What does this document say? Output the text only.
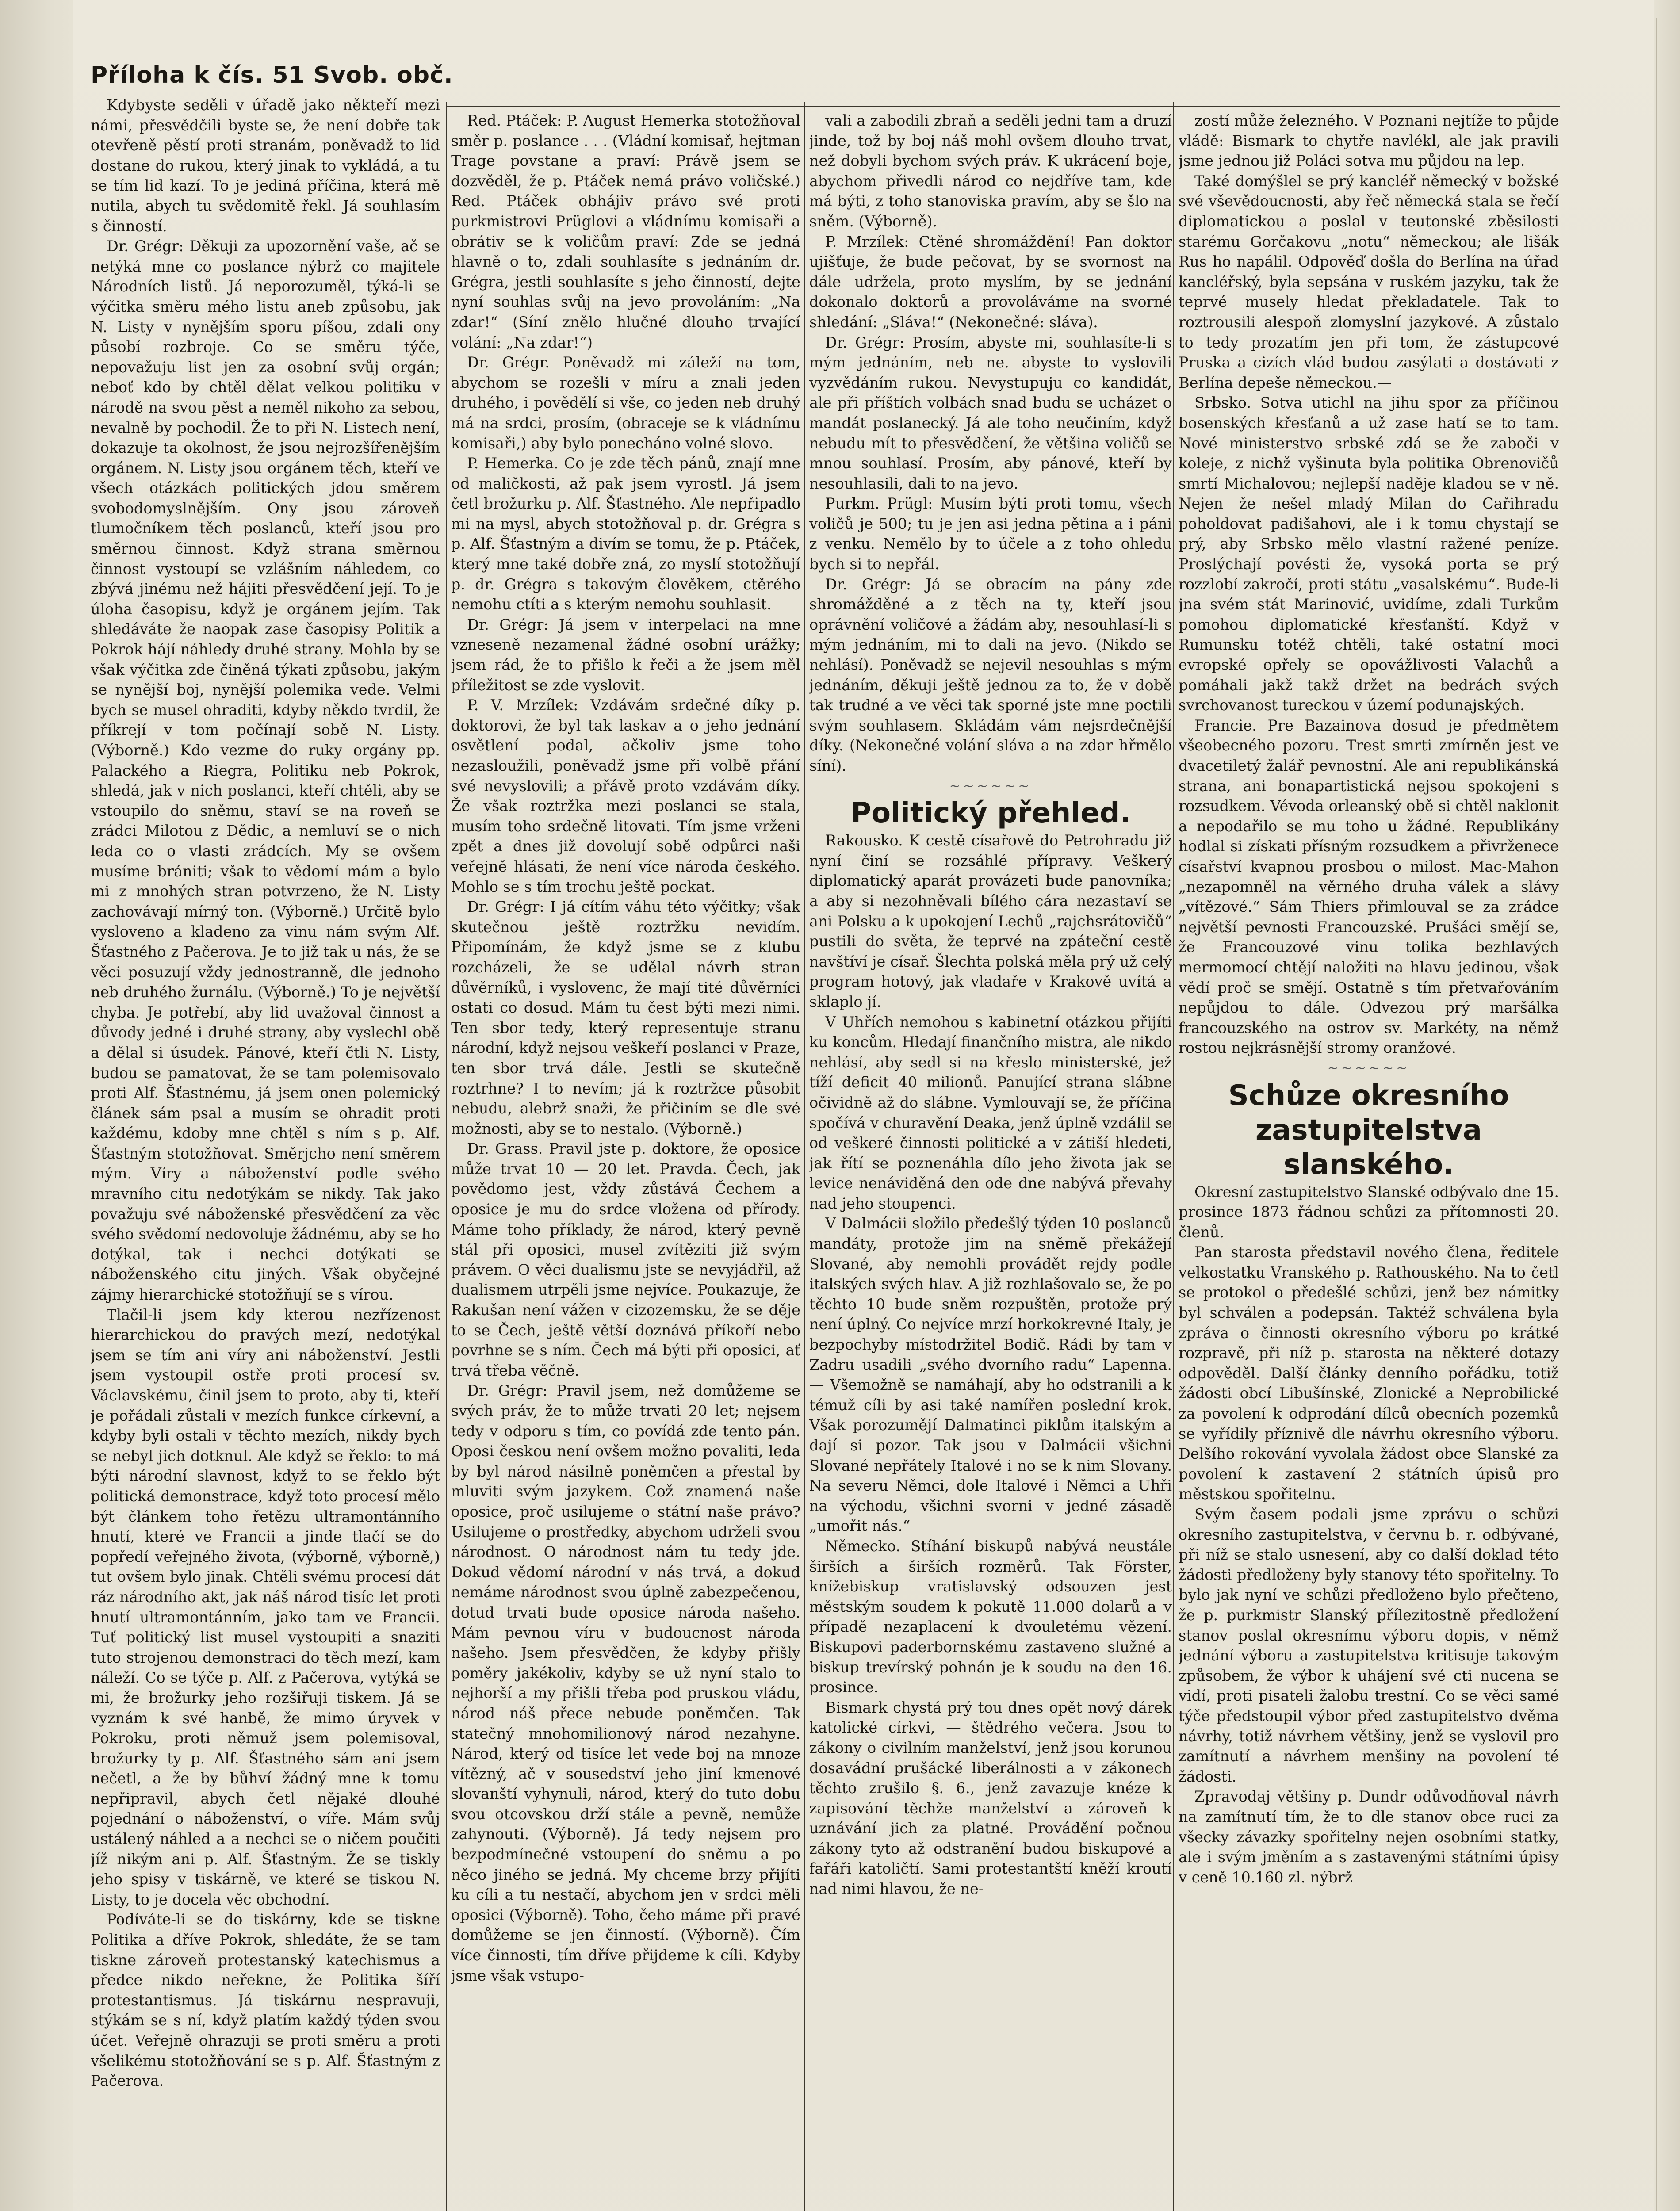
Příloha k čís. 51 Svob. obč.

Kdybyste seděli v úřadě jako někteří mezi námi, přesvědčili byste se, že není dobře tak otevřeně pěstí proti stranám, poněvadž to lid dostane do rukou, který jinak to vykládá, a tu se tím lid kazí. To je jediná příčina, která mě nutila, abych tu svědomitě řekl. Já souhlasím s činností.

Dr. Grégr: Děkuji za upozornění vaše, ač se netýká mne co poslance nýbrž co majitele Národních listů. Já neporozuměl, týká-li se výčitka směru mého listu aneb způsobu, jak N. Listy v nynějším sporu píšou, zdali ony působí rozbroje. Co se směru týče, nepovažuju list jen za osobní svůj orgán; neboť kdo by chtěl dělat velkou politiku v národě na svou pěst a neměl nikoho za sebou, nevalně by pochodil. Že to při N. Listech není, dokazuje ta okolnost, že jsou nejrozšířenějším orgánem. N. Listy jsou orgánem těch, kteří ve všech otázkách politických jdou směrem svobodomyslnějším. Ony jsou zároveň tlumočníkem těch poslanců, kteří jsou pro směrnou činnost. Když strana směrnou činnost vystoupí se vzlášním náhledem, co zbývá jinému než hájiti přesvědčení její. To je úloha časopisu, když je orgánem jejím. Tak shledáváte že naopak zase časopisy Politik a Pokrok hájí náhledy druhé strany. Mohla by se však výčitka zde činěná týkati způsobu, jakým se nynější boj, nynější polemika vede. Velmi bych se musel ohraditi, kdyby někdo tvrdil, že příkrejí v tom počínají sobě N. Listy. (Výborně.) Kdo vezme do ruky orgány pp. Palackého a Riegra, Politiku neb Pokrok, shledá, jak v nich poslanci, kteří chtěli, aby se vstoupilo do sněmu, staví se na roveň se zrádci Milotou z Dědic, a nemluví se o nich leda co o vlasti zrádcích. My se ovšem musíme brániti; však to vědomí mám a bylo mi z mnohých stran potvrzeno, že N. Listy zachovávají mírný ton. (Výborně.) Určitě bylo vysloveno a kladeno za vinu nám svým Alf. Šťastného z Pačerova. Je to již tak u nás, že se věci posuzují vždy jednostranně, dle jednoho neb druhého žurnálu. (Výborně.) To je největší chyba. Je potřebí, aby lid uvažoval činnost a důvody jedné i druhé strany, aby vyslechl obě a dělal si úsudek. Pánové, kteří čtli N. Listy, budou se pamatovat, že se tam polemisovalo proti Alf. Šťastnému, já jsem onen polemický článek sám psal a musím se ohradit proti každému, kdoby mne chtěl s ním s p. Alf. Šťastným stotožňovat. Směrjcho není směrem mým. Víry a náboženství podle svého mravního citu nedotýkám se nikdy. Tak jako považuju své náboženské přesvědčení za věc svého svědomí nedovoluje žádnému, aby se ho dotýkal, tak i nechci dotýkati se náboženského citu jiných. Však obyčejné zájmy hierarchické stotožňují se s vírou.

Tlačil-li jsem kdy kterou nezřízenost hierarchickou do pravých mezí, nedotýkal jsem se tím ani víry ani náboženství. Jestli jsem vystoupil ostře proti procesí sv. Václavskému, činil jsem to proto, aby ti, kteří je pořádali zůstali v mezích funkce církevní, a kdyby byli ostali v těchto mezích, nikdy bych se nebyl jich dotknul. Ale když se řeklo: to má býti národní slavnost, když to se řeklo být politická demonstrace, když toto procesí mělo být článkem toho řetězu ultramontánního hnutí, které ve Francii a jinde tlačí se do popředí veřejného života, (výborně, výborně,) tut ovšem bylo jinak. Chtěli svému procesí dát ráz národního akt, jak náš národ tisíc let proti hnutí ultramontánním, jako tam ve Francii. Tuť politický list musel vystoupiti a snaziti tuto strojenou demonstraci do těch mezí, kam náleží. Co se týče p. Alf. z Pačerova, vytýká se mi, že brožurky jeho rozšiřuji tiskem. Já se vyznám k své hanbě, že mimo úryvek v Pokroku, proti němuž jsem polemisoval, brožurky ty p. Alf. Šťastného sám ani jsem nečetl, a že by bůhví žádný mne k tomu nepřipravil, abych četl nějaké dlouhé pojednání o náboženství, o víře. Mám svůj ustálený náhled a a nechci se o ničem poučiti jíž nikým ani p. Alf. Šťastným. Že se tiskly jeho spisy v tiskárně, ve které se tiskou N. Listy, to je docela věc obchodní.

Podíváte-li se do tiskárny, kde se tiskne Politika a dříve Pokrok, shledáte, že se tam tiskne zároveň protestanský katechismus a předce nikdo neřekne, že Politika šíří protestantismus. Já tiskárnu nespravuji, stýkám se s ní, když platím každý týden svou účet. Veřejně ohrazuji se proti směru a proti všelikému stotožňování se s p. Alf. Šťastným z Pačerova.

Red. Ptáček: P. August Hemerka stotožňoval směr p. poslance . . . (Vládní komisař, hejtman Trage povstane a praví: Právě jsem se dozvěděl, že p. Ptáček nemá právo voličské.) Red. Ptáček obhájiv právo své proti purkmistrovi Prüglovi a vládnímu komisaři a obrátiv se k voličům praví: Zde se jedná hlavně o to, zdali souhlasíte s jednáním dr. Grégra, jestli souhlasíte s jeho činností, dejte nyní souhlas svůj na jevo provoláním: „Na zdar!“ (Síní znělo hlučné dlouho trvající volání: „Na zdar!“)

Dr. Grégr. Poněvadž mi záleží na tom, abychom se rozešli v míru a znali jeden druhého, i povědělí si vše, co jeden neb druhý má na srdci, prosím, (obraceje se k vládnímu komisaři,) aby bylo ponecháno volné slovo.

P. Hemerka. Co je zde těch pánů, znají mne od maličkosti, až pak jsem vyrostl. Já jsem četl brožurku p. Alf. Šťastného. Ale nepřipadlo mi na mysl, abych stotožňoval p. dr. Grégra s p. Alf. Šťastným a divím se tomu, že p. Ptáček, který mne také dobře zná, zo myslí stotožňují p. dr. Grégra s takovým člověkem, ctěrého nemohu ctíti a s kterým nemohu souhlasit.

Dr. Grégr: Já jsem v interpelaci na mne vzneseně nezamenal žádné osobní urážky; jsem rád, že to přišlo k řeči a že jsem měl příležitost se zde vyslovit.

P. V. Mrzílek: Vzdávám srdečné díky p. doktorovi, že byl tak laskav a o jeho jednání osvětlení podal, ačkoliv jsme toho nezasloužili, poněvadž jsme při volbě přání své nevyslovili; a přávě proto vzdávám díky. Že však roztržka mezi poslanci se stala, musím toho srdečně litovati. Tím jsme vrženi zpět a dnes již dovolují sobě odpůrci naši veřejně hlásati, že není více národa českého. Mohlo se s tím trochu ještě pockat.

Dr. Grégr: I já cítím váhu této výčitky; však skutečnou ještě roztržku nevidím. Připomínám, že když jsme se z klubu rozcházeli, že se udělal návrh stran důvěrníků, i vyslovenc, že mají tité důvěrníci ostati co dosud. Mám tu čest býti mezi nimi. Ten sbor tedy, který representuje stranu národní, když nejsou veškeří poslanci v Praze, ten sbor trvá dále. Jestli se skutečně roztrhne? I to nevím; já k roztržce působit nebudu, alebrž snaži, že přičiním se dle své možnosti, aby se to nestalo. (Výborně.)

Dr. Grass. Pravil jste p. doktore, že oposice může trvat 10 — 20 let. Pravda. Čech, jak povědomo jest, vždy zůstává Čechem a oposice je mu do srdce vložena od přírody. Máme toho příklady, že národ, který pevně stál při oposici, musel zvítěziti již svým právem. O věci dualismu jste se nevyjádřil, až dualismem utrpěli jsme nejvíce. Poukazuje, že Rakušan není vážen v cizozemsku, že se děje to se Čech, ještě větší doznává příkoří nebo povrhne se s ním. Čech má býti při oposici, ať trvá třeba věčně.

Dr. Grégr: Pravil jsem, než domůžeme se svých práv, že to může trvati 20 let; nejsem tedy v odporu s tím, co povídá zde tento pán. Oposi českou není ovšem možno povaliti, leda by byl národ násilně poněmčen a přestal by mluviti svým jazykem. Což znamená naše oposice, proč usilujeme o státní naše právo? Usilujeme o prostředky, abychom udrželi svou národnost. O národnost nám tu tedy jde. Dokud vědomí národní v nás trvá, a dokud nemáme národnost svou úplně zabezpečenou, dotud trvati bude oposice národa našeho. Mám pevnou víru v budoucnost národa našeho. Jsem přesvědčen, že kdyby přišly poměry jakékoliv, kdyby se už nyní stalo to nejhorší a my přišli třeba pod pruskou vládu, národ náš přece nebude poněmčen. Tak statečný mnohomilionový národ nezahyne. Národ, který od tisíce let vede boj na mnoze vítězný, ač v sousedství jeho jiní kmenové slovanští vyhynuli, národ, který do tuto dobu svou otcovskou drží stále a pevně, nemůže zahynouti. (Výborně). Já tedy nejsem pro bezpodmínečné vstoupení do sněmu a po něco jiného se jedná. My chceme brzy přijíti ku cíli a tu nestačí, abychom jen v srdci měli oposici (Výborně). Toho, čeho máme při pravé domůžeme se jen činností. (Výborně). Čím více činnosti, tím dříve přijdeme k cíli. Kdyby jsme však vstupo-

vali a zabodili zbraň a seděli jedni tam a druzí jinde, tož by boj náš mohl ovšem dlouho trvat, než dobyli bychom svých práv. K ukrácení boje, abychom přivedli národ co nejdříve tam, kde má býti, z toho stanoviska pravím, aby se šlo na sněm. (Výborně).

P. Mrzílek: Ctěné shromáždění! Pan doktor ujišťuje, že bude pečovat, by se svornost na dále udržela, proto myslím, by se jednání dokonalo doktorů a provoláváme na svorné shledání: „Sláva!“ (Nekonečné: sláva).

Dr. Grégr: Prosím, abyste mi, souhlasíte-li s mým jednáním, neb ne. abyste to vyslovili vyzvědáním rukou. Nevystupuju co kandidát, ale při příštích volbách snad budu se ucházet o mandát poslanecký. Já ale toho neučiním, když nebudu mít to přesvědčení, že většina voličů se mnou souhlasí. Prosím, aby pánové, kteří by nesouhlasili, dali to na jevo.

Purkm. Prügl: Musím býti proti tomu, všech voličů je 500; tu je jen asi jedna pětina a i páni z venku. Nemělo by to účele a z toho ohledu bych si to nepřál.

Dr. Grégr: Já se obracím na pány zde shromážděné a z těch na ty, kteří jsou oprávnění voličové a žádám aby, nesouhlasí-li s mým jednáním, mi to dali na jevo. (Nikdo se nehlásí). Poněvadž se nejevil nesouhlas s mým jednáním, děkuji ještě jednou za to, že v době tak trudné a ve věci tak sporné jste mne poctili svým souhlasem. Skládám vám nejsrdečnější díky. (Nekonečné volání sláva a na zdar hřmělo síní).

~~~~~~

Politický přehled.

Rakousko. K cestě císařově do Petrohradu již nyní činí se rozsáhlé přípravy. Veškerý diplomatický aparát provázeti bude panovníka; a aby si nezohněvali bílého cára nezastaví se ani Polsku a k upokojení Lechů „rajchsrátovičů“ pustili do světa, že teprvé na zpáteční cestě navštíví je císař. Šlechta polská měla prý už celý program hotový, jak vladaře v Krakově uvítá a sklaplo jí.

V Uhřích nemohou s kabinetní otázkou přijíti ku koncům. Hledají finančního mistra, ale nikdo nehlásí, aby sedl si na křeslo ministerské, jež tíží deficit 40 milionů. Panující strana slábne očividně až do slábne. Vymlouvají se, že příčina spočívá v churavění Deaka, jenž úplně vzdálil se od veškeré činnosti politické a v zátiší hledeti, jak řítí se poznenáhla dílo jeho života jak se levice nenáviděná den ode dne nabývá převahy nad jeho stoupenci.

V Dalmácii složilo předešlý týden 10 poslanců mandáty, protože jim na sněmě překážejí Slované, aby nemohli provádět rejdy podle italských svých hlav. A již rozhlašovalo se, že po těchto 10 bude sněm rozpuštěn, protože prý není úplný. Co nejvíce mrzí horkokrevné Italy, je bezpochyby místodržitel Bodič. Rádi by tam v Zadru usadili „svého dvorního radu“ Lapenna. — Všemožně se namáhají, aby ho odstranili a k témuž cíli by asi také namířen poslední krok. Však porozumějí Dalmatinci piklům italským a dají si pozor. Tak jsou v Dalmácii všichni Slované nepřátely Italové i no se k nim Slovany. Na severu Němci, dole Italové i Němci a Uhři na východu, všichni svorni v jedné zásadě „umořit nás.“

Německo. Stíhání biskupů nabývá neustále širších a širších rozměrů. Tak Förster, knížebiskup vratislavský odsouzen jest městským soudem k pokutě 11.000 dolarů a v případě nezaplacení k dvouletému vězení. Biskupovi paderbornskému zastaveno služné a biskup trevírský pohnán je k soudu na den 16. prosince.

Bismark chystá prý tou dnes opět nový dárek katolické církvi, — štědrého večera. Jsou to zákony o civilním manželství, jenž jsou korunou dosavádní prušácké liberálnosti a v zákonech těchto zrušilo §. 6., jenž zavazuje knéze k zapisování těchže manželství a zároveň k uznávání jich za platné. Provádění počnou zákony tyto až odstranění budou biskupové a fařáři katoličtí. Sami protestantští kněží kroutí nad nimi hlavou, že ne-

zostí může železného. V Poznani nejtíže to půjde vládě: Bismark to chytře navlékl, ale jak pravili jsme jednou již Poláci sotva mu půjdou na lep.

Také domýšlel se prý kancléř německý v božské své vševědoucnosti, aby řeč německá stala se řečí diplomatickou a poslal v teutonské zběsilosti starému Gorčakovu „notu“ německou; ale lišák Rus ho napálil. Odpověď došla do Berlína na úřad kancléřský, byla sepsána v ruském jazyku, tak že teprvé musely hledat překladatele. Tak to roztrousili alespoň zlomyslní jazykové. A zůstalo to tedy prozatím jen při tom, že zástupcové Pruska a cizích vlád budou zasýlati a dostávati z Berlína depeše německou.—

Srbsko. Sotva utichl na jihu spor za příčinou bosenských křesťanů a už zase hatí se to tam. Nové ministerstvo srbské zdá se že zaboči v koleje, z nichž vyšinuta byla politika Obrenovičů smrtí Michalovou; nejlepší naděje kladou se v ně. Nejen že nešel mladý Milan do Cařihradu poholdovat padišahovi, ale i k tomu chystají se prý, aby Srbsko mělo vlastní ražené peníze. Proslýchají povésti že, vysoká porta se prý rozzlobí zakročí, proti státu „vasalskému“. Bude-li jna svém stát Marinović, uvidíme, zdali Turkům pomohou diplomatické křesťanští. Když v Rumunsku totéž chtěli, také ostatní moci evropské opřely se opovážlivosti Valachů a pomáhali jakž takž držet na bedrách svých svrchovanost tureckou v území podunajských.

Francie. Pre Bazainova dosud je předmětem všeobecného pozoru. Trest smrti zmírněn jest ve dvacetiletý žalář pevnostní. Ale ani republikánská strana, ani bonapartistická nejsou spokojeni s rozsudkem. Vévoda orleanský obě si chtěl naklonit a nepodařilo se mu toho u žádné. Republikány hodlal si získati přísným rozsudkem a přivrženece císařství kvapnou prosbou o milost. Mac-Mahon „nezapomněl na věrného druha válek a slávy „vítězové.“ Sám Thiers přimlouval se za zrádce největší pevnosti Francouzské. Prušáci smějí se, že Francouzové vinu tolika bezhlavých mermomocí chtějí naložiti na hlavu jedinou, však vědí proč se smějí. Ostatně s tím přetvařováním nepůjdou to dále. Odvezou prý maršálka francouzského na ostrov sv. Markéty, na němž rostou nejkrásnější stromy oranžové.

~~~~~~

Schůze okresního zastupitelstva slanského.

Okresní zastupitelstvo Slanské odbývalo dne 15. prosince 1873 řádnou schůzi za přítomnosti 20. členů.

Pan starosta představil nového člena, ředitele velkostatku Vranského p. Rathouského. Na to četl se protokol o předešlé schůzi, jenž bez námitky byl schválen a podepsán. Taktéž schválena byla zpráva o činnosti okresního výboru po krátké rozpravě, při níž p. starosta na některé dotazy odpověděl. Další články denního pořádku, totiž žádosti obcí Libušínské, Zlonické a Neprobilické za povolení k odprodání dílců obecních pozemků se vyřídily příznivě dle návrhu okresního výboru. Delšího rokování vyvolala žádost obce Slanské za povolení k zastavení 2 státních úpisů pro městskou spořitelnu.

Svým časem podali jsme zprávu o schůzi okresního zastupitelstva, v červnu b. r. odbývané, při níž se stalo usnesení, aby co další doklad této žádosti předloženy byly stanovy této spořitelny. To bylo jak nyní ve schůzi předloženo bylo přečteno, že p. purkmistr Slanský přílezitostně předložení stanov poslal okresnímu výboru dopis, v němž jednání výboru a zastupitelstva kritisuje takovým způsobem, že výbor k uhájení své cti nucena se vidí, proti pisateli žalobu trestní. Co se věci samé týče předstoupil výbor před zastupitelstvo dvěma návrhy, totiž návrhem většiny, jenž se vyslovil pro zamítnutí a návrhem menšiny na povolení té žádosti.

Zpravodaj většiny p. Dundr odůvodňoval návrh na zamítnutí tím, že to dle stanov obce ruci za všecky závazky spořitelny nejen osobními statky, ale i svým jměním a s zastavenými státními úpisy v ceně 10.160 zl. nýbrž
